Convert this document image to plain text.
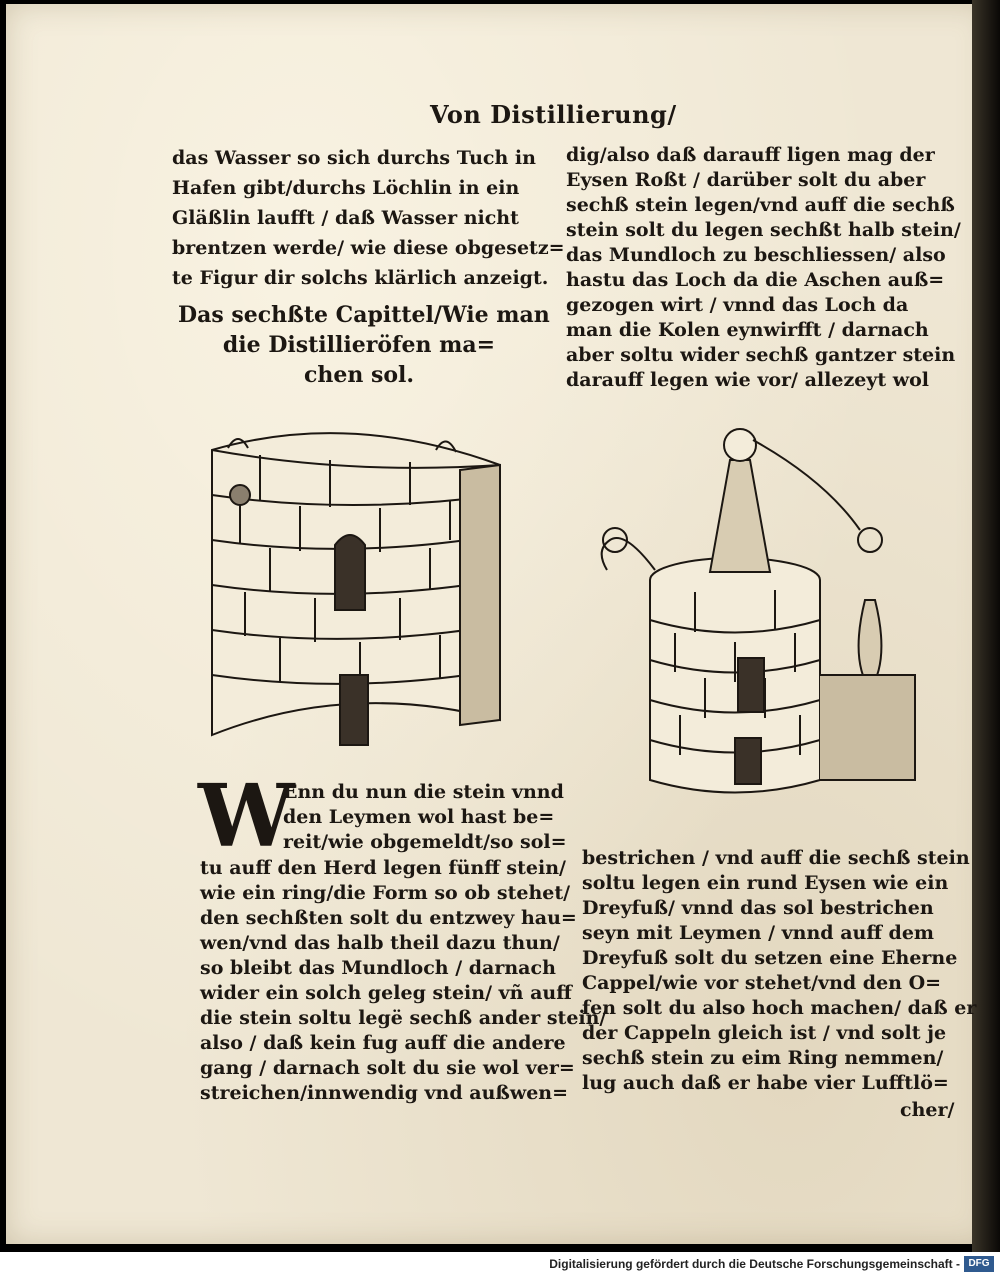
Von Distillierung/
das Wasser so sich durchs Tuch in
Hafen gibt/durchs Löchlin in ein
Gläßlin laufft / daß Wasser nicht
brentzen werde/ wie diese obgesetz=
te Figur dir solchs klärlich anzeigt.
Das sechßte Capittel/Wie man
die Distillieröfen ma=
chen sol.
dig/also daß darauff ligen mag der
Eysen Roßt / darüber solt du aber
sechß stein legen/vnd auff die sechß
stein solt du legen sechßt halb stein/
das Mundloch zu beschliessen/ also
hastu das Loch da die Aschen auß=
gezogen wirt / vnnd das Loch da
man die Kolen eynwirfft / darnach
aber soltu wider sechß gantzer stein
darauff legen wie vor/ allezeyt wol
W
Enn du nun die stein vnnd
den Leymen wol hast be=
reit/wie obgemeldt/so sol=
tu auff den Herd legen fünff stein/
wie ein ring/die Form so ob stehet/
den sechßten solt du entzwey hau=
wen/vnd das halb theil dazu thun/
so bleibt das Mundloch / darnach
wider ein solch geleg stein/ vñ auff
die stein soltu legë sechß ander stein/
also / daß kein fug auff die andere
gang / darnach solt du sie wol ver=
streichen/innwendig vnd außwen=
bestrichen / vnd auff die sechß stein
soltu legen ein rund Eysen wie ein
Dreyfuß/ vnnd das sol bestrichen
seyn mit Leymen / vnnd auff dem
Dreyfuß solt du setzen eine Eherne
Cappel/wie vor stehet/vnd den O=
fen solt du also hoch machen/ daß er
der Cappeln gleich ist / vnd solt je
sechß stein zu eim Ring nemmen/
lug auch daß er habe vier Lufftlö=
cher/
Digitalisierung gefördert durch die Deutsche Forschungsgemeinschaft - DFG
